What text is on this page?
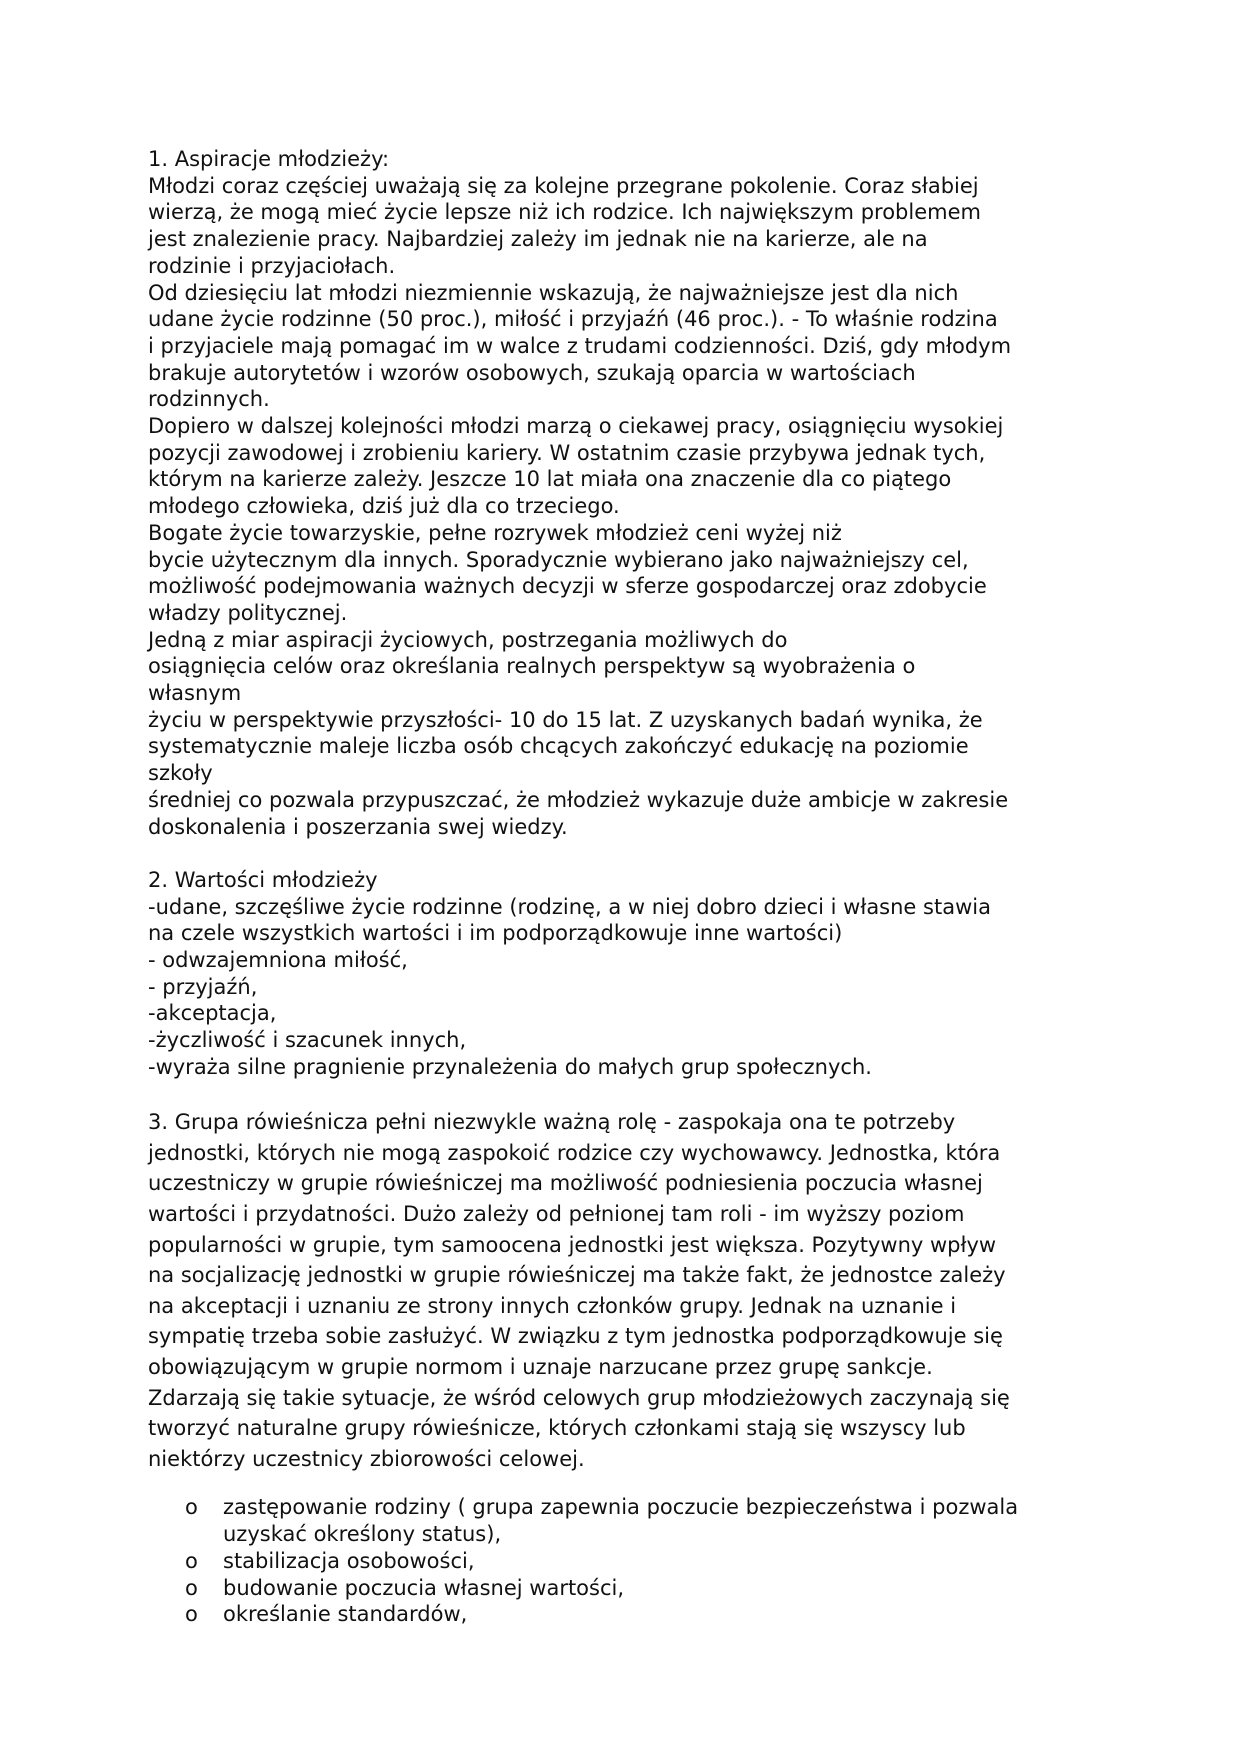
1. Aspiracje młodzieży:

Młodzi coraz częściej uważają się za kolejne przegrane pokolenie. Coraz słabiej
wierzą, że mogą mieć życie lepsze niż ich rodzice. Ich największym problemem
jest znalezienie pracy. Najbardziej zależy im jednak nie na karierze, ale na
rodzinie i przyjaciołach.

Od dziesięciu lat młodzi niezmiennie wskazują, że najważniejsze jest dla nich
udane życie rodzinne (50 proc.), miłość i przyjaźń (46 proc.). - To właśnie rodzina
i przyjaciele mają pomagać im w walce z trudami codzienności. Dziś, gdy młodym
brakuje autorytetów i wzorów osobowych, szukają oparcia w wartościach
rodzinnych.

Dopiero w dalszej kolejności młodzi marzą o ciekawej pracy, osiągnięciu wysokiej
pozycji zawodowej i zrobieniu kariery. W ostatnim czasie przybywa jednak tych,
którym na karierze zależy. Jeszcze 10 lat miała ona znaczenie dla co piątego
młodego człowieka, dziś już dla co trzeciego.

Bogate życie towarzyskie, pełne rozrywek młodzież ceni wyżej niż
bycie użytecznym dla innych. Sporadycznie wybierano jako najważniejszy cel,
możliwość podejmowania ważnych decyzji w sferze gospodarczej oraz zdobycie
władzy politycznej.

Jedną z miar aspiracji życiowych, postrzegania możliwych do
osiągnięcia celów oraz określania realnych perspektyw są wyobrażenia o
własnym
życiu w perspektywie przyszłości- 10 do 15 lat. Z uzyskanych badań wynika, że
systematycznie maleje liczba osób chcących zakończyć edukację na poziomie
szkoły
średniej co pozwala przypuszczać, że młodzież wykazuje duże ambicje w zakresie
doskonalenia i poszerzania swej wiedzy.

2. Wartości młodzieży

-udane, szczęśliwe życie rodzinne (rodzinę, a w niej dobro dzieci i własne stawia
na czele wszystkich wartości i im podporządkowuje inne wartości)

- odwzajemniona miłość,

- przyjaźń,

-akceptacja,

-życzliwość i szacunek innych,

-wyraża silne pragnienie przynależenia do małych grup społecznych.

3. Grupa rówieśnicza pełni niezwykle ważną rolę - zaspokaja ona te potrzeby
jednostki, których nie mogą zaspokoić rodzice czy wychowawcy. Jednostka, która
uczestniczy w grupie rówieśniczej ma możliwość podniesienia poczucia własnej
wartości i przydatności. Dużo zależy od pełnionej tam roli - im wyższy poziom
popularności w grupie, tym samoocena jednostki jest większa. Pozytywny wpływ
na socjalizację jednostki w grupie rówieśniczej ma także fakt, że jednostce zależy
na akceptacji i uznaniu ze strony innych członków grupy. Jednak na uznanie i
sympatię trzeba sobie zasłużyć. W związku z tym jednostka podporządkowuje się
obowiązującym w grupie normom i uznaje narzucane przez grupę sankcje.
Zdarzają się takie sytuacje, że wśród celowych grup młodzieżowych zaczynają się
tworzyć naturalne grupy rówieśnicze, których członkami stają się wszyscy lub
niektórzy uczestnicy zbiorowości celowej.

o zastępowanie rodziny ( grupa zapewnia poczucie bezpieczeństwa i pozwala
uzyskać określony status),
o stabilizacja osobowości,
o budowanie poczucia własnej wartości,
o określanie standardów,
